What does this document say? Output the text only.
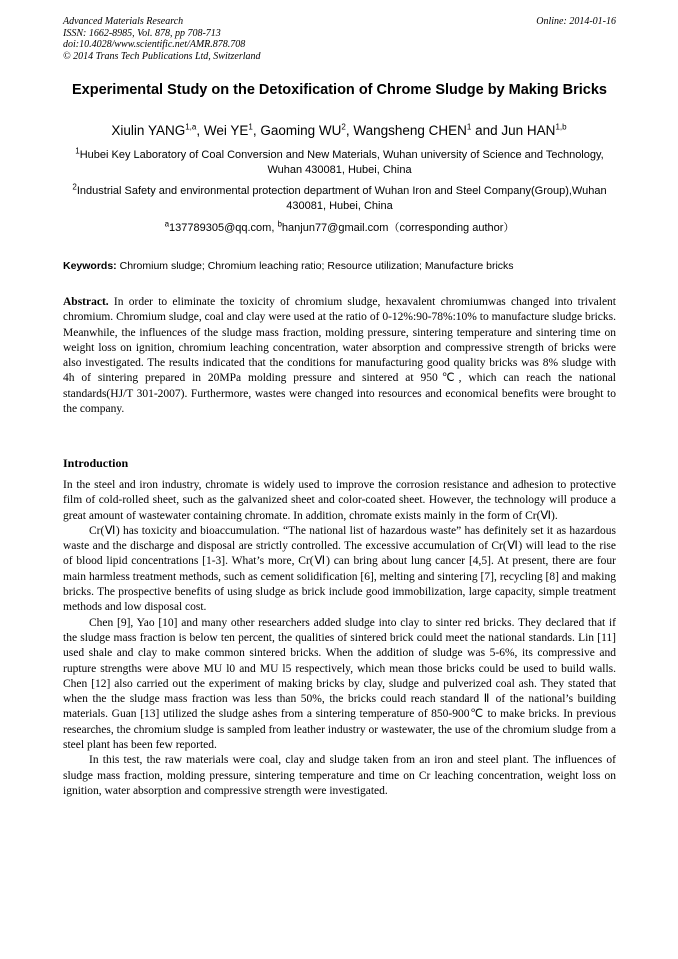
Advanced Materials Research
ISSN: 1662-8985, Vol. 878, pp 708-713
doi:10.4028/www.scientific.net/AMR.878.708
© 2014 Trans Tech Publications Ltd, Switzerland
Online: 2014-01-16
Experimental Study on the Detoxification of Chrome Sludge by Making Bricks
Xiulin YANG$^{1,a}$, Wei $YE^1$, Gaoming $WU^2$, Wangsheng CHEN$^1$ and Jun HAN$^{1,b}$
$^1$Hubei Key Laboratory of Coal Conversion and New Materials, Wuhan university of Science and Technology, Wuhan 430081, Hubei, China
$^2$Industrial Safety and environmental protection department of Wuhan Iron and Steel Company(Group),Wuhan 430081, Hubei, China
$^a$137789305@qq.com, $^b$hanjun77@gmail.com（corresponding author）
Keywords: Chromium sludge; Chromium leaching ratio; Resource utilization; Manufacture bricks

Abstract. In order to eliminate the toxicity of chromium sludge, hexavalent chromiumwas changed into trivalent chromium. Chromium sludge, coal and clay were used at the ratio of 0-12%:90-78%:10% to manufacture sludge bricks. Meanwhile, the influences of the sludge mass fraction, molding pressure, sintering temperature and sintering time on weight loss on ignition, chromium leaching concentration, water absorption and compressive strength of bricks were also investigated. The results indicated that the conditions for manufacturing good quality bricks was 8% sludge with 4h of sintering prepared in 20MPa molding pressure and sintered at 950℃, which can reach the national standards(HJ/T 301-2007). Furthermore, wastes were changed into resources and economical benefits were brought to the company.

Introduction

In the steel and iron industry, chromate is widely used to improve the corrosion resistance and adhesion to protective film of cold-rolled sheet, such as the galvanized sheet and color-coated sheet. However, the technology will produce a great amount of wastewater containing chromate. In addition, chromate exists mainly in the form of Cr(Ⅵ).

Cr(Ⅵ) has toxicity and bioaccumulation. “The national list of hazardous waste” has definitely set it as hazardous waste and the discharge and disposal are strictly controlled. The excessive accumulation of Cr(Ⅵ) will lead to the rise of blood lipid concentrations [1-3]. What’s more, Cr(Ⅵ) can bring about lung cancer [4,5]. At present, there are four main harmless treatment methods, such as cement solidification [6], melting and sintering [7], recycling [8] and making bricks. The prospective benefits of using sludge as brick include good immobilization, large capacity, simple treatment methods and low disposal cost.

Chen [9], Yao [10] and many other researchers added sludge into clay to sinter red bricks. They declared that if the sludge mass fraction is below ten percent, the qualities of sintered brick could meet the national standards. Lin [11] used shale and clay to make common sintered bricks. When the addition of sludge was 5-6%, its compressive and rupture strengths were above MU l0 and MU l5 respectively, which mean those bricks could be used to build walls. Chen [12] also carried out the experiment of making bricks by clay, sludge and pulverized coal ash. They stated that when the the sludge mass fraction was less than 50%, the bricks could reach standard Ⅱ of the national’s building materials. Guan [13] utilized the sludge ashes from a sintering temperature of 850-900℃ to make bricks. In previous researches, the chromium sludge is sampled from leather industry or wastewater, the use of the chromium sludge from a steel plant has been few reported.

In this test, the raw materials were coal, clay and sludge taken from an iron and steel plant. The influences of sludge mass fraction, molding pressure, sintering temperature and time on Cr leaching concentration, weight loss on ignition, water absorption and compressive strength were investigated.
